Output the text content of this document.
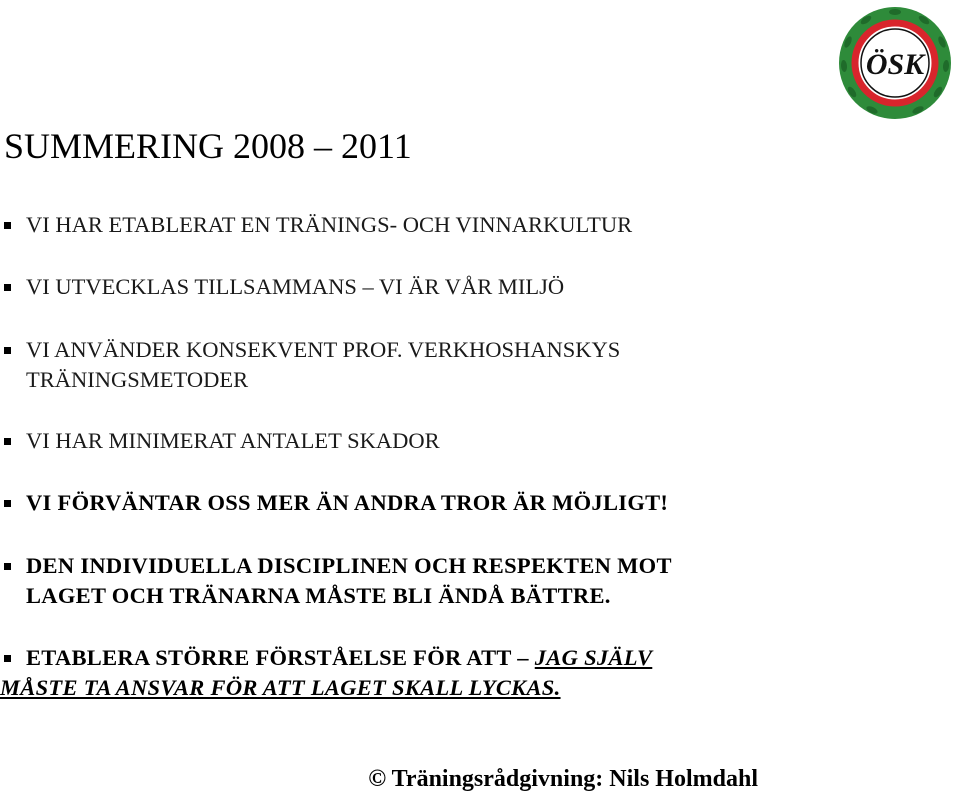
ÖSK
SUMMERING 2008 – 2011
VI HAR ETABLERAT EN TRÄNINGS- OCH VINNARKULTUR
VI UTVECKLAS TILLSAMMANS – VI ÄR VÅR MILJÖ
VI ANVÄNDER KONSEKVENT PROF. VERKHOSHANSKYS
TRÄNINGSMETODER
VI HAR MINIMERAT ANTALET SKADOR
VI FÖRVÄNTAR OSS MER ÄN ANDRA TROR ÄR MÖJLIGT!
DEN INDIVIDUELLA DISCIPLINEN OCH RESPEKTEN MOT
LAGET OCH TRÄNARNA MÅSTE BLI ÄNDÅ BÄTTRE.
ETABLERA STÖRRE FÖRSTÅELSE FÖR ATT – JAG SJÄLV
MÅSTE TA ANSVAR FÖR ATT LAGET SKALL LYCKAS.
© Träningsrådgivning: Nils Holmdahl
